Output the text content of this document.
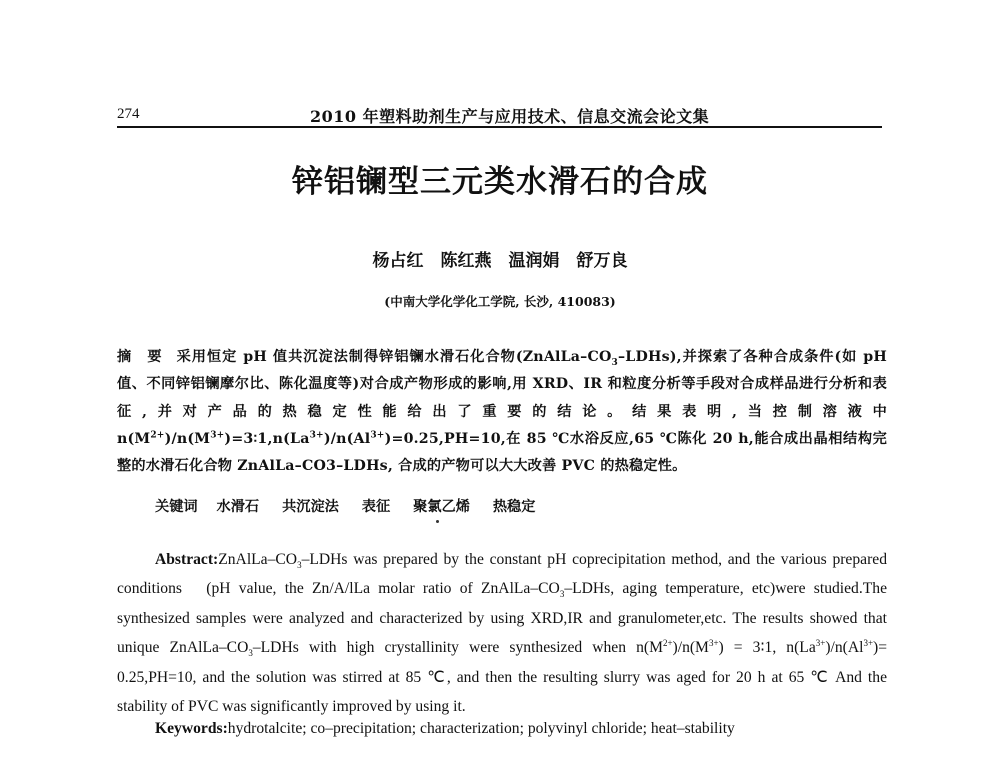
274	2010 年塑料助剂生产与应用技术、信息交流会论文集
锌铝镧型三元类水滑石的合成
杨占红　陈红燕　温润娟　舒万良
(中南大学化学化工学院, 长沙, 410083)
摘　要 采用恒定 pH 值共沉淀法制得锌铝镧水滑石化合物$(ZnAlLa-CO_3-LDHs)$,并探索了各种合成条件(如 pH 值、不同锌铝镧摩尔比、陈化温度等)对合成产物形成的影响,用 XRD、IR 和粒度分析等手段对合成样品进行分析和表征,并对产品的热稳定性能给出了重要的结论。结果表明,当控制溶液中 $n(M^{2+})/n(M^{3+})=3∶1,n(La^{3+})/n(Al^{3+})=0.25,PH=10$,在 85 ℃水浴反应,65 ℃陈化 20 h,能合成出晶相结构完整的水滑石化合物 ZnAlLa–CO3–LDHs, 合成的产物可以大大改善 PVC 的热稳定性。
关键词 水滑石 共沉淀法 表征 聚氯乙烯 热稳定
$Abstract:ZnAlLa-CO_3$–LDHs was prepared by the constant pH coprecipitation method, and the various prepared conditions　(pH value, the Zn/A/lLa molar ratio of ZnAlLa–$CO_3$–LDHs, aging temperature, etc)were studied.The synthesized samples were analyzed and characterized by using XRD,IR and granulometer,etc. The results showed that unique ZnAlLa–$CO_3$–LDHs with high crystallinity were synthesized when $n(M^{2+})/n(M^{3+})$ = 3∶1, $n(La^{3+})/n(Al^{3+})= 0.25,PH=10$, and the solution was stirred at 85 ℃, and then the resulting slurry was aged for 20 h at 65 ℃ And the stability of PVC was significantly improved by using it.
Keywords:hydrotalcite; co–precipitation; characterization; polyvinyl chloride; heat–stability
